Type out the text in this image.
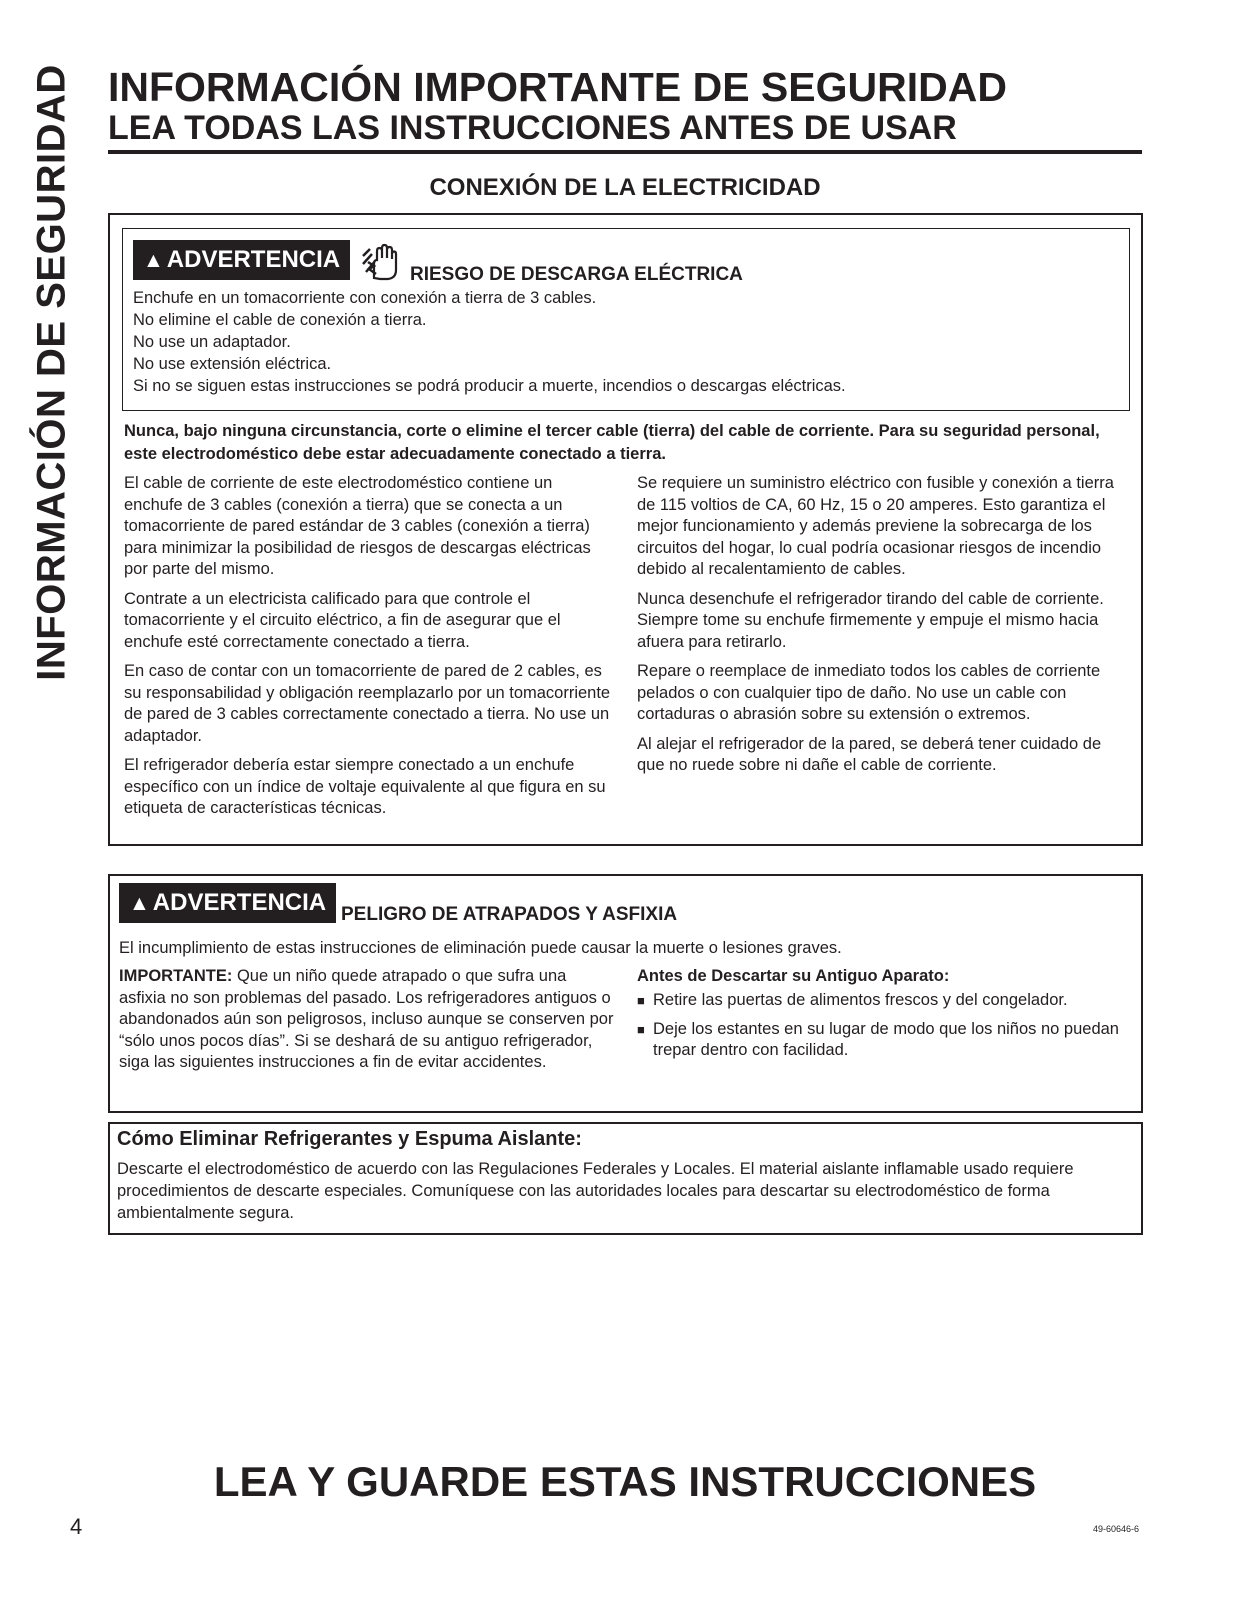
INFORMACIÓN DE SEGURIDAD INFORMACIÓN IMPORTANTE DE SEGURIDAD
LEA TODAS LAS INSTRUCCIONES ANTES DE USAR
CONEXIÓN DE LA ELECTRICIDAD
▲ ADVERTENCIA
RIESGO DE DESCARGA ELÉCTRICA
Enchufe en un tomacorriente con conexión a tierra de 3 cables.
No elimine el cable de conexión a tierra.
No use un adaptador.
No use extensión eléctrica.
Si no se siguen estas instrucciones se podrá producir a muerte, incendios o descargas eléctricas.
Nunca, bajo ninguna circunstancia, corte o elimine el tercer cable (tierra) del cable de corriente. Para su seguridad personal, este electrodoméstico debe estar adecuadamente conectado a tierra.

El cable de corriente de este electrodoméstico contiene un enchufe de 3 cables (conexión a tierra) que se conecta a un tomacorriente de pared estándar de 3 cables (conexión a tierra) para minimizar la posibilidad de riesgos de descargas eléctricas por parte del mismo.

Contrate a un electricista calificado para que controle el tomacorriente y el circuito eléctrico, a fin de asegurar que el enchufe esté correctamente conectado a tierra.

En caso de contar con un tomacorriente de pared de 2 cables, es su responsabilidad y obligación reemplazarlo por un tomacorriente de pared de 3 cables correctamente conectado a tierra. No use un adaptador.

El refrigerador debería estar siempre conectado a un enchufe específico con un índice de voltaje equivalente al que figura en su etiqueta de características técnicas.

Se requiere un suministro eléctrico con fusible y conexión a tierra de 115 voltios de CA, 60 Hz, 15 o 20 amperes. Esto garantiza el mejor funcionamiento y además previene la sobrecarga de los circuitos del hogar, lo cual podría ocasionar riesgos de incendio debido al recalentamiento de cables.

Nunca desenchufe el refrigerador tirando del cable de corriente. Siempre tome su enchufe firmemente y empuje el mismo hacia afuera para retirarlo.

Repare o reemplace de inmediato todos los cables de corriente pelados o con cualquier tipo de daño. No use un cable con cortaduras o abrasión sobre su extensión o extremos.

Al alejar el refrigerador de la pared, se deberá tener cuidado de que no ruede sobre ni dañe el cable de corriente.

▲ ADVERTENCIA PELIGRO DE ATRAPADOS Y ASFIXIA
El incumplimiento de estas instrucciones de eliminación puede causar la muerte o lesiones graves.
IMPORTANTE: Que un niño quede atrapado o que sufra una asfixia no son problemas del pasado. Los refrigeradores antiguos o abandonados aún son peligrosos, incluso aunque se conserven por “sólo unos pocos días”. Si se deshará de su antiguo refrigerador, siga las siguientes instrucciones a fin de evitar accidentes.
Antes de Descartar su Antiguo Aparato:
■ Retire las puertas de alimentos frescos y del congelador.
■ Deje los estantes en su lugar de modo que los niños no puedan trepar dentro con facilidad.
Cómo Eliminar Refrigerantes y Espuma Aislante:
Descarte el electrodoméstico de acuerdo con las Regulaciones Federales y Locales. El material aislante inflamable usado requiere procedimientos de descarte especiales. Comuníquese con las autoridades locales para descartar su electrodoméstico de forma ambientalmente segura.
LEA Y GUARDE ESTAS INSTRUCCIONES
4	49-60646-6
